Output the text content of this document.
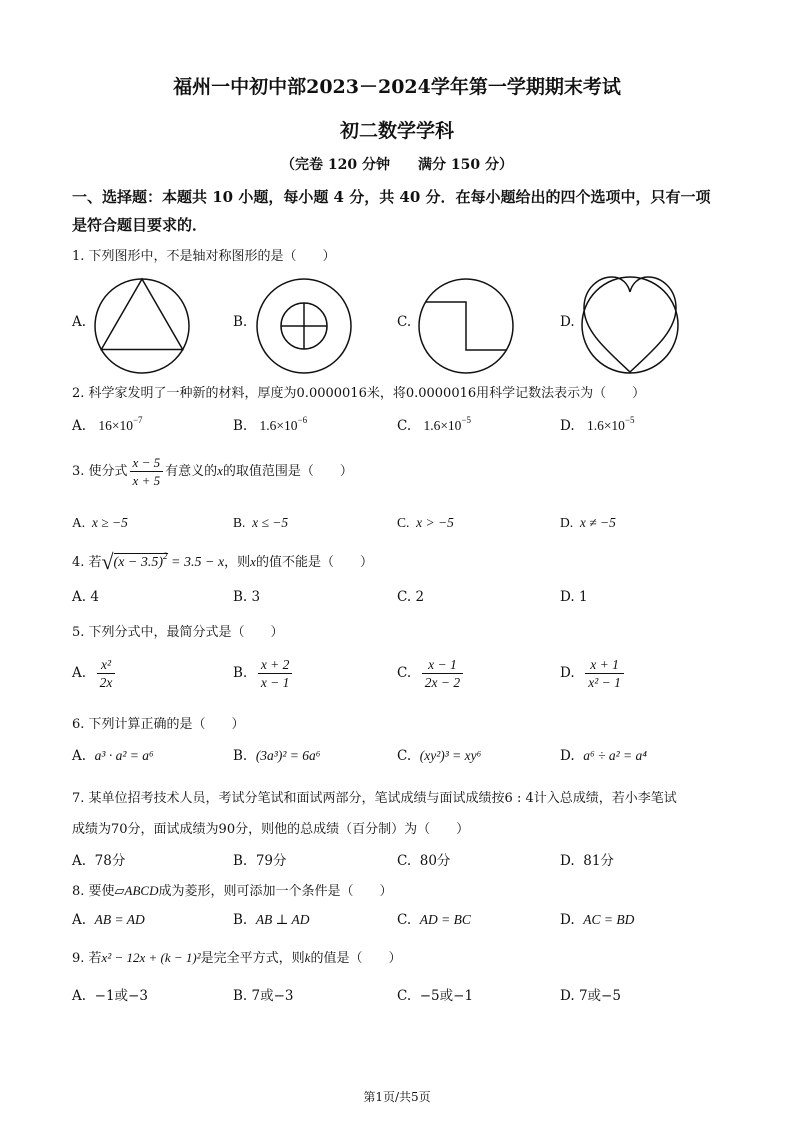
福州一中初中部2023－2024学年第一学期期末考试
初二数学学科
（完卷 120 分钟　　满分 150 分）
一、选择题：本题共 10 小题，每小题 4 分，共 40 分．在每小题给出的四个选项中，只有一项
是符合题目要求的．
1. 下列图形中，不是轴对称图形的是（　　）
A.	B.	C.	D.
2. 科学家发明了一种新的材料，厚度为0.0000016米，将0.0000016用科学记数法表示为（　　）
A. $16\times 10^{-7}$	B. $1.6\times 10^{-6}$	C. $1.6\times 10^{-5}$	D. $1.6\times 10^{-5}$
3. 使分式 $\frac{x - 5}{x + 5}$ 有意义的x的取值范围是（　　）
A. x ≥ −5	B. x ≤ −5	C. x > −5	D. x ≠ −5
4. 若 √ $(x - 3.5)^2 = 3.5 - x$，则x的值不能是（　　）
A. 4	B. 3	C. 2	D. 1
5. 下列分式中，最简分式是（　　）
A. $\frac{\text{x²}}{2x}$	B. $\frac{x + 2}{x - 1}$	C. $\frac{x - 1}{2x - 2}$	D. $\frac{x + 1}{\text{x² − 1}}$
6. 下列计算正确的是（　　）
A. a³ · a² = a⁶	B. (3a³)² = 6a⁶	C. (xy²)³ = xy⁶	D. a⁶ ÷ a² = a⁴
7. 某单位招考技术人员，考试分笔试和面试两部分，笔试成绩与面试成绩按6 : 4计入总成绩，若小李笔试
成绩为70分，面试成绩为90分，则他的总成绩（百分制）为（　　）
A. 78分	B. 79分	C. 80分	D. 81分
8. 要使▱ABCD成为菱形，则可添加一个条件是（　　）
A. AB = AD	B. AB ⊥ AD	C. AD = BC	D. AC = BD
9. 若x² − 12x + (k − 1)²是完全平方式，则k的值是（　　）
A. −1或−3	B. 7或−3	C. −5或−1	D. 7或−5
第1页/共5页
